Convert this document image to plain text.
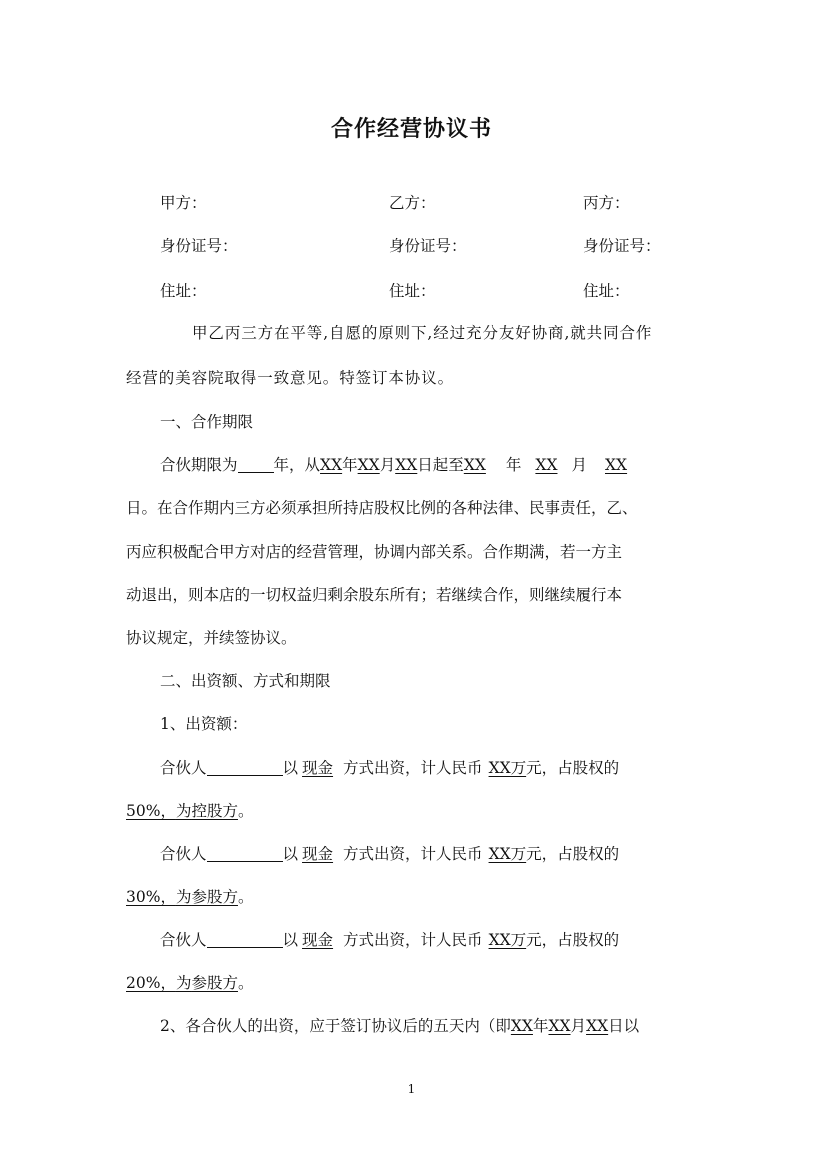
合作经营协议书
甲方：	乙方：	丙方：
身份证号：	身份证号：	身份证号：
住址：	住址：	住址：
甲乙丙三方在平等,自愿的原则下,经过充分友好协商,就共同合作
经营的美容院取得一致意见。特签订本协议。
一、合作期限
合伙期限为 年，从XX年XX月XX日起至XX 年 XX 月 XX
日。在合作期内三方必须承担所持店股权比例的各种法律、民事责任，乙、
丙应积极配合甲方对店的经营管理，协调内部关系。合作期满，若一方主
动退出，则本店的一切权益归剩余股东所有；若继续合作，则继续履行本
协议规定，并续签协议。
二、出资额、方式和期限
1、出资额：
合伙人	以 现金 方式出资，计人民币 XX万元，占股权的
50%，为控股方。
合伙人	以 现金 方式出资，计人民币 XX万元，占股权的
30%，为参股方。
合伙人	以 现金 方式出资，计人民币 XX万元，占股权的
20%，为参股方。
2、各合伙人的出资，应于签订协议后的五天内（即XX年XX月XX日以
1
